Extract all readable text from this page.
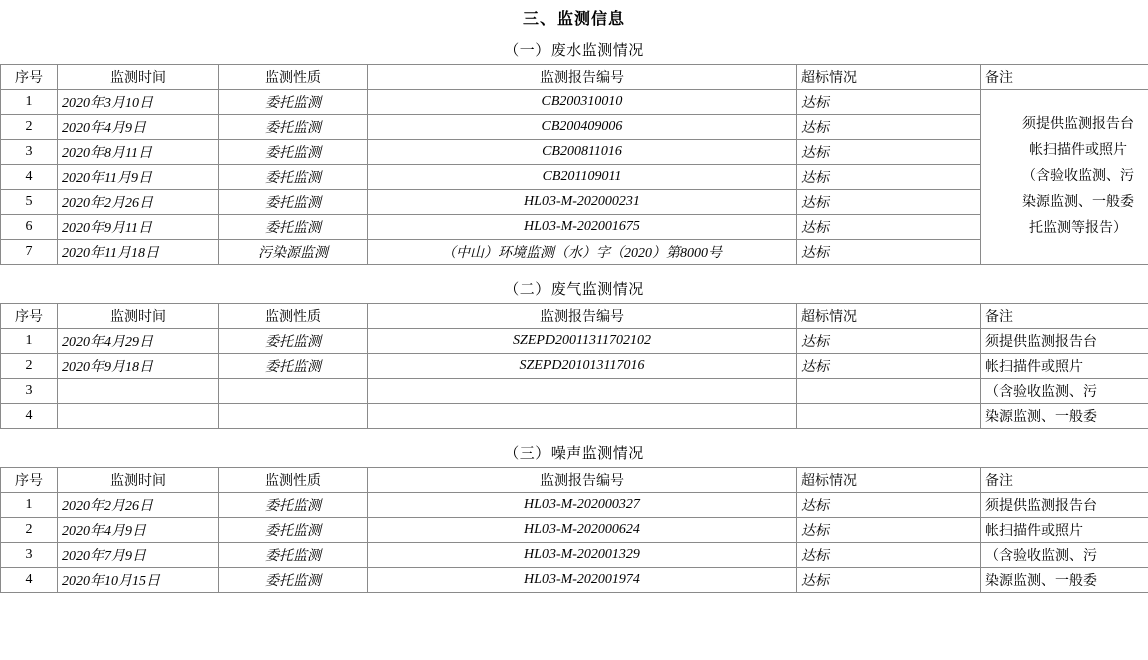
三、监测信息
（一）废水监测情况
序号	监测时间	监测性质	监测报告编号	超标情况	备注
1	2020年3月10日	委托监测	CB200310010	达标	须提供监测报告台
帐扫描件或照片
（含验收监测、污
染源监测、一般委
托监测等报告）

2	2020年4月9日	委托监测	CB200409006	达标	
3	2020年8月11日	委托监测	CB200811016	达标	
4	2020年11月9日	委托监测	CB201109011	达标	
5	2020年2月26日	委托监测	HL03-M-202000231	达标	
6	2020年9月11日	委托监测	HL03-M-202001675	达标	
7	2020年11月18日	污染源监测	（中山）环境监测（水）字（2020）第8000号	达标	
（二）废气监测情况
序号	监测时间	监测性质	监测报告编号	超标情况	备注
1	2020年4月29日	委托监测	SZEPD20011311702102	达标	须提供监测报告台
2	2020年9月18日	委托监测	SZEPD201013117016	达标	帐扫描件或照片
3					（含验收监测、污
4					染源监测、一般委
（三）噪声监测情况
序号	监测时间	监测性质	监测报告编号	超标情况	备注
1	2020年2月26日	委托监测	HL03-M-202000327	达标	须提供监测报告台
2	2020年4月9日	委托监测	HL03-M-202000624	达标	帐扫描件或照片
3	2020年7月9日	委托监测	HL03-M-202001329	达标	（含验收监测、污
4	2020年10月15日	委托监测	HL03-M-202001974	达标	染源监测、一般委
